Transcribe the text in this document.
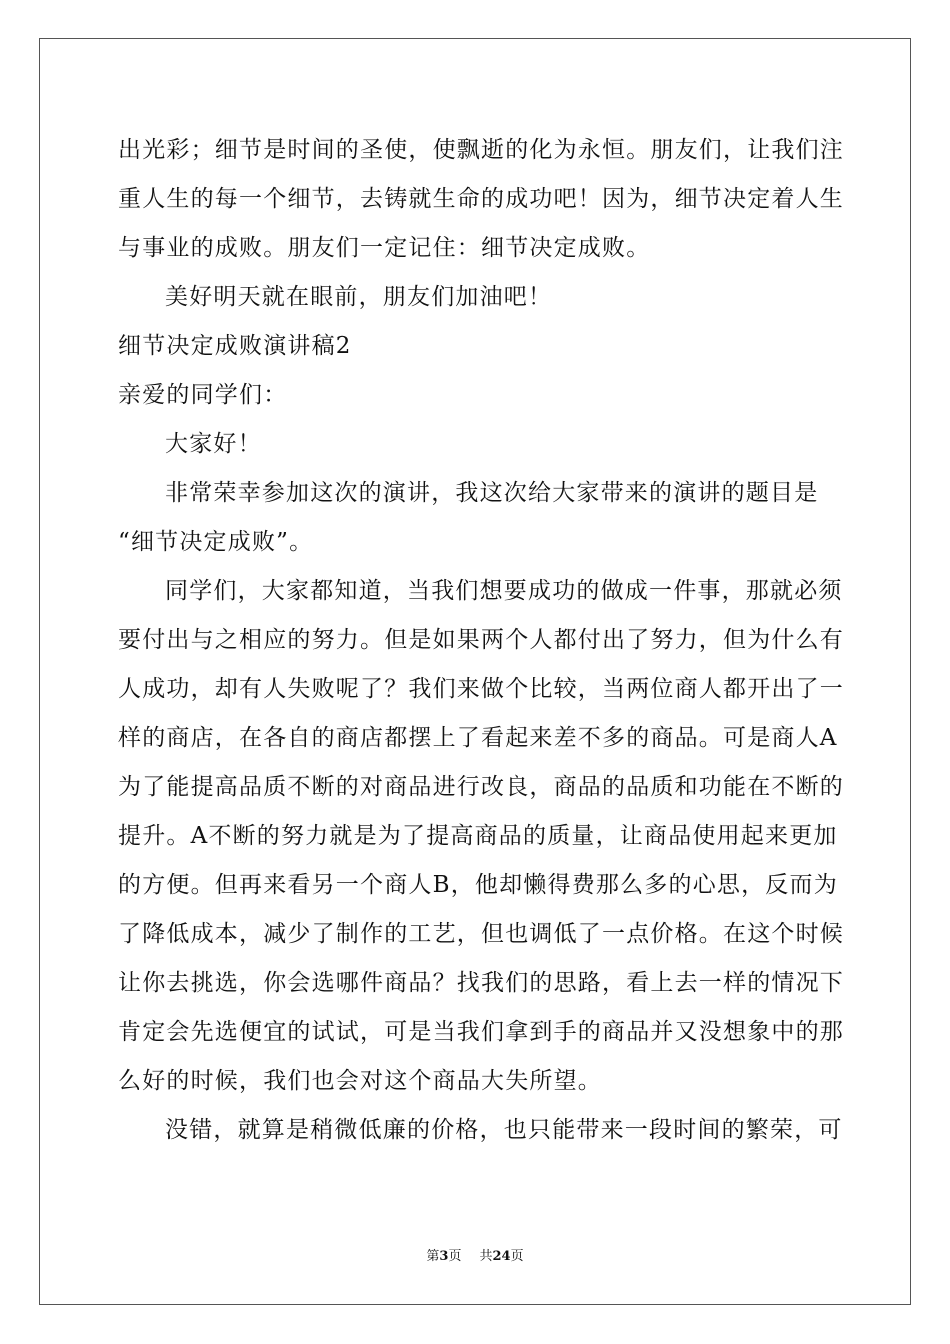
出光彩；细节是时间的圣使，使飘逝的化为永恒。朋友们，让我们注
重人生的每一个细节，去铸就生命的成功吧！因为，细节决定着人生
与事业的成败。朋友们一定记住：细节决定成败。
美好明天就在眼前，朋友们加油吧！
细节决定成败演讲稿2
亲爱的同学们：
大家好！
非常荣幸参加这次的演讲，我这次给大家带来的演讲的题目是
“细节决定成败”。
同学们，大家都知道，当我们想要成功的做成一件事，那就必须
要付出与之相应的努力。但是如果两个人都付出了努力，但为什么有
人成功，却有人失败呢了？我们来做个比较，当两位商人都开出了一
样的商店，在各自的商店都摆上了看起来差不多的商品。可是商人A
为了能提高品质不断的对商品进行改良，商品的品质和功能在不断的
提升。A不断的努力就是为了提高商品的质量，让商品使用起来更加
的方便。但再来看另一个商人B，他却懒得费那么多的心思，反而为
了降低成本，减少了制作的工艺，但也调低了一点价格。在这个时候
让你去挑选，你会选哪件商品？找我们的思路，看上去一样的情况下
肯定会先选便宜的试试，可是当我们拿到手的商品并又没想象中的那
么好的时候，我们也会对这个商品大失所望。
没错，就算是稍微低廉的价格，也只能带来一段时间的繁荣，可
第3页 共24页
